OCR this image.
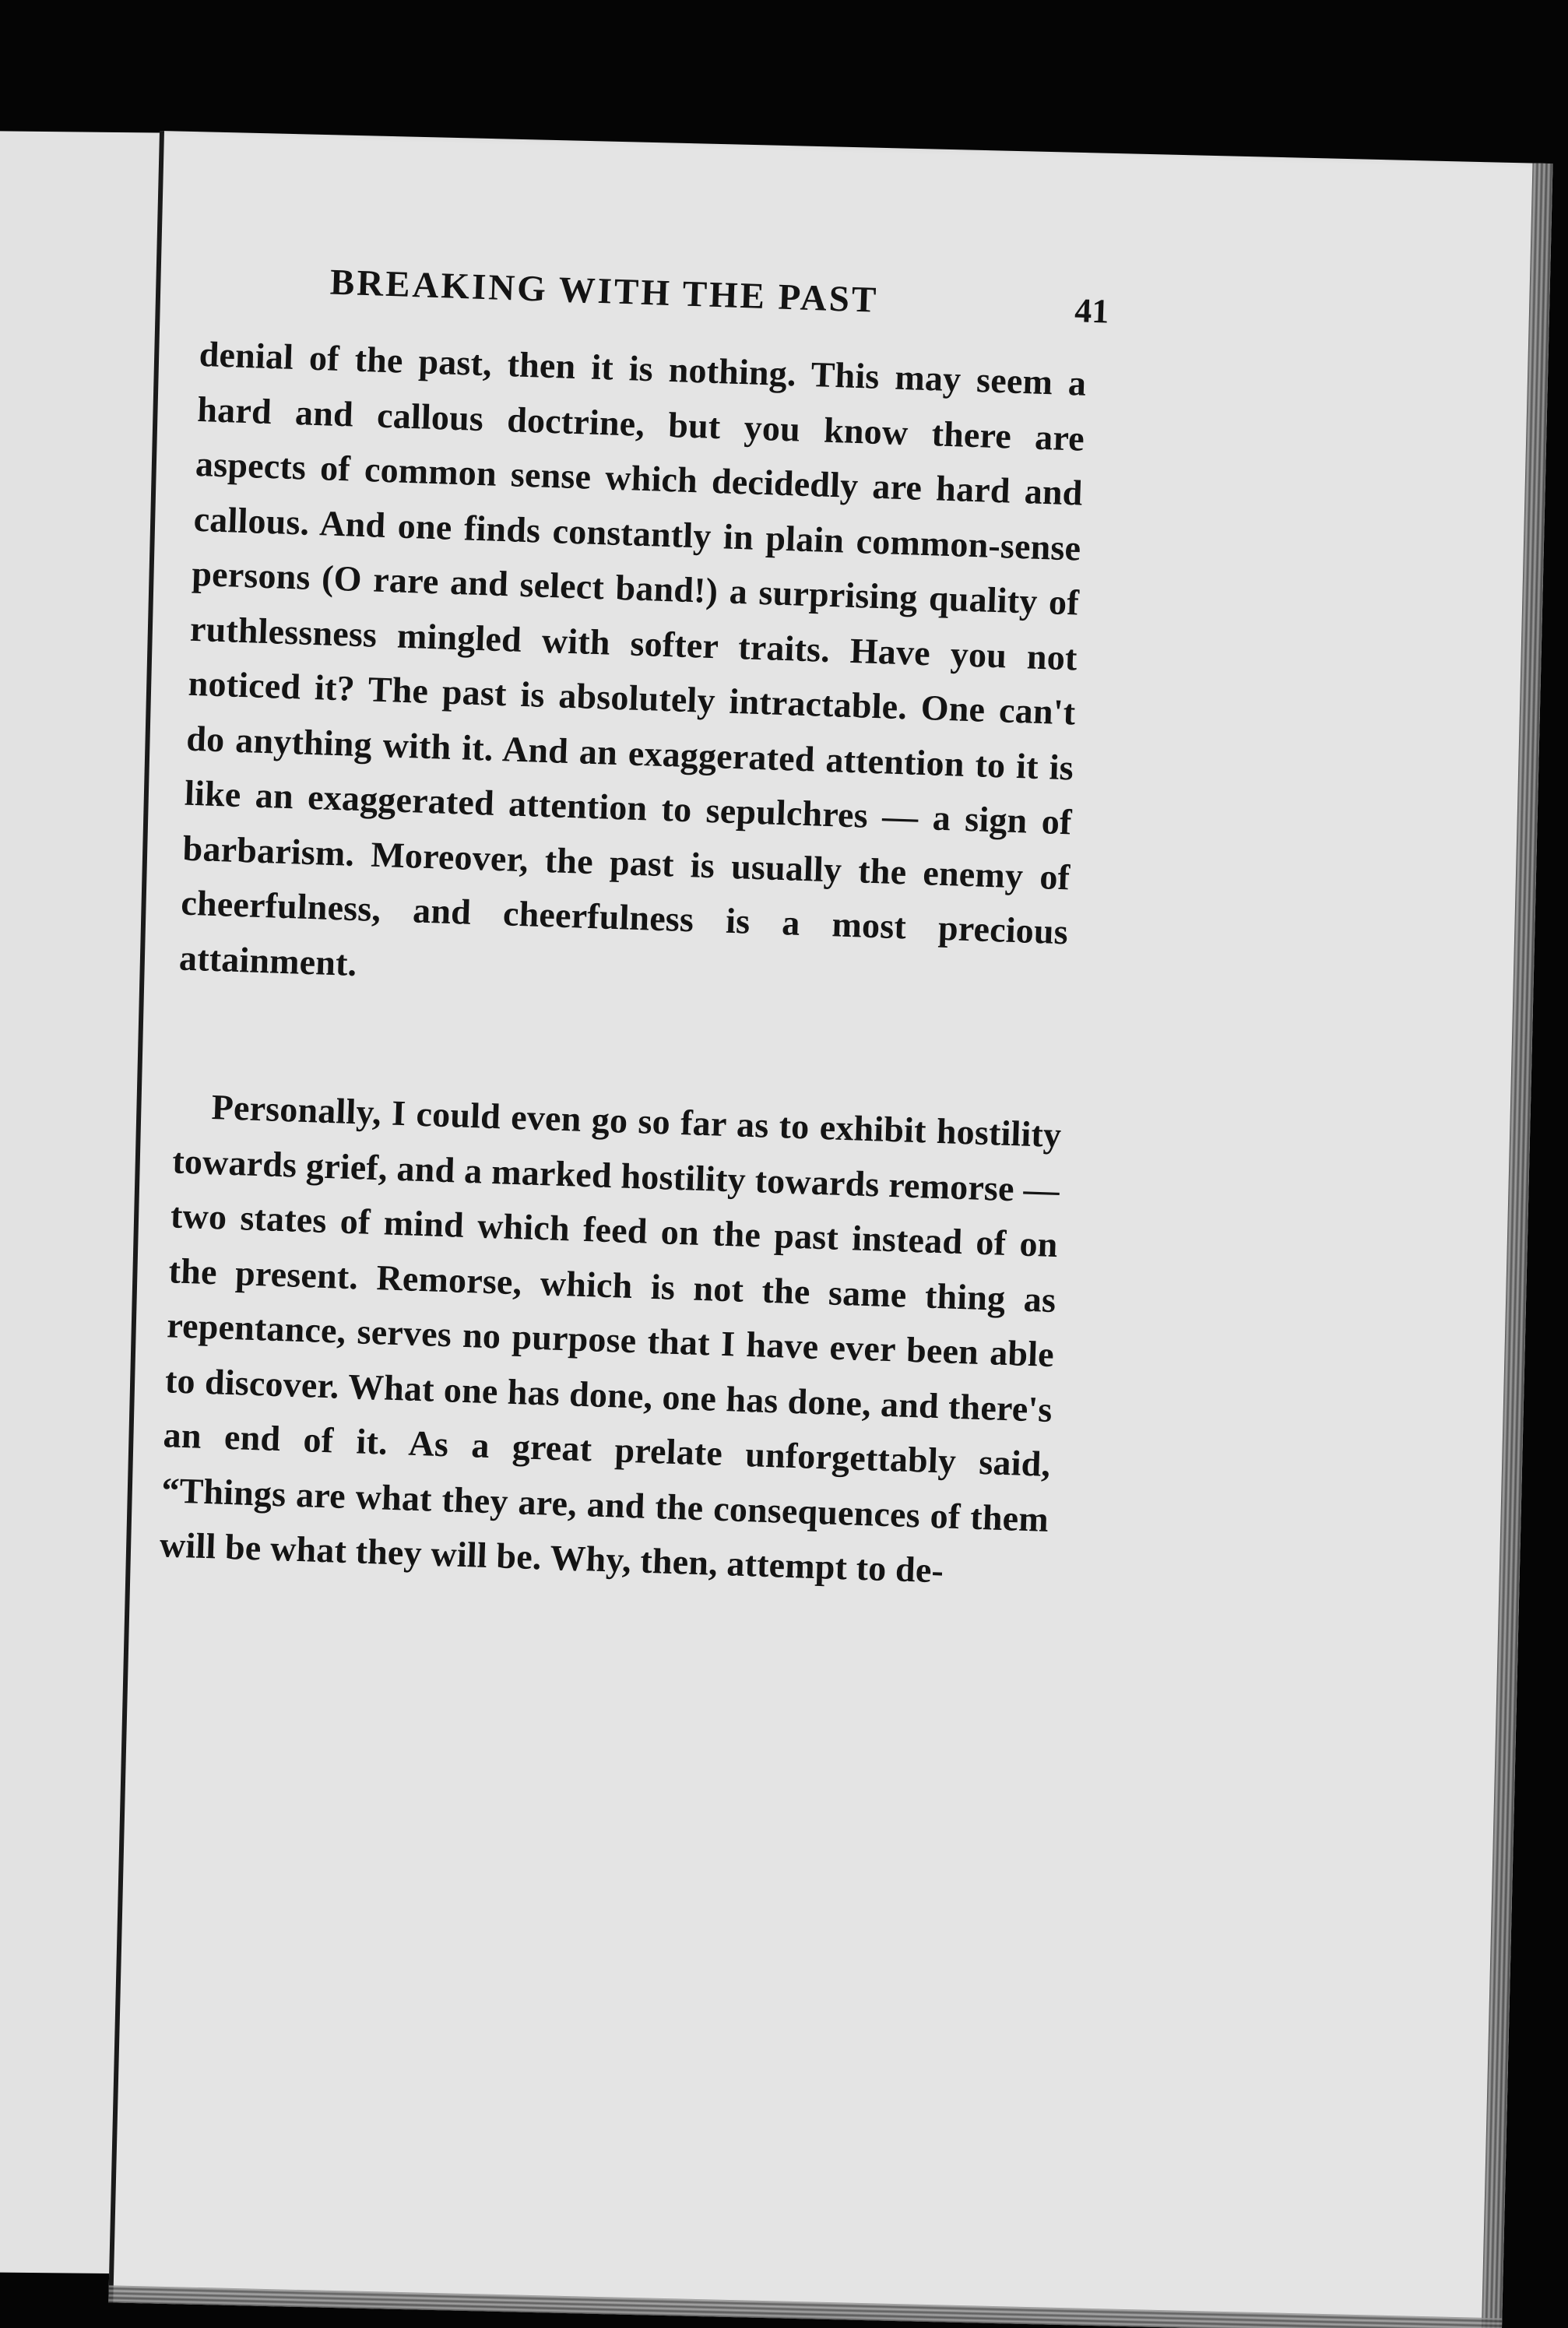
BREAKING WITH THE PAST	41

denial of the past, then it is nothing. This may seem a hard and callous doctrine, but you know there are aspects of common sense which decidedly are hard and callous. And one finds constantly in plain common-sense persons (O rare and select band!) a surprising quality of ruthlessness mingled with softer traits. Have you not noticed it? The past is absolutely intractable. One can't do anything with it. And an exaggerated attention to it is like an exaggerated attention to sepulchres — a sign of barbarism. Moreover, the past is usually the enemy of cheerfulness, and cheerfulness is a most precious attainment.

Personally, I could even go so far as to exhibit hostility towards grief, and a marked hostility towards remorse — two states of mind which feed on the past instead of on the present. Remorse, which is not the same thing as repentance, serves no purpose that I have ever been able to discover. What one has done, one has done, and there's an end of it. As a great prelate unforgettably said, “Things are what they are, and the consequences of them will be what they will be. Why, then, attempt to de-
